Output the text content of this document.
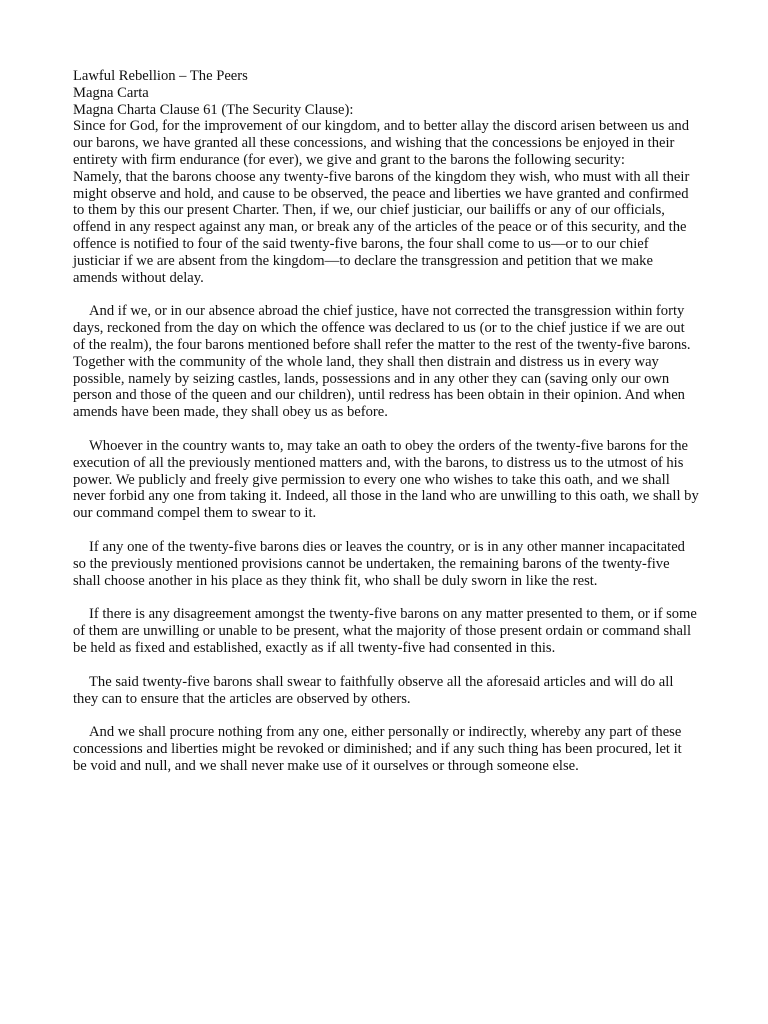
Lawful Rebellion – The Peers

Magna Carta

Magna Charta Clause 61 (The Security Clause):

Since for God, for the improvement of our kingdom, and to better allay the discord arisen between us and our barons, we have granted all these concessions, and wishing that the concessions be enjoyed in their entirety with firm endurance (for ever), we give and grant to the barons the following security:

Namely, that the barons choose any twenty-five barons of the kingdom they wish, who must with all their might observe and hold, and cause to be observed, the peace and liberties we have granted and confirmed to them by this our present Charter. Then, if we, our chief justiciar, our bailiffs or any of our officials, offend in any respect against any man, or break any of the articles of the peace or of this security, and the offence is notified to four of the said twenty-five barons, the four shall come to us—or to our chief justiciar if we are absent from the kingdom—to declare the transgression and petition that we make amends without delay.

And if we, or in our absence abroad the chief justice, have not corrected the transgression within forty days, reckoned from the day on which the offence was declared to us (or to the chief justice if we are out of the realm), the four barons mentioned before shall refer the matter to the rest of the twenty-five barons. Together with the community of the whole land, they shall then distrain and distress us in every way possible, namely by seizing castles, lands, possessions and in any other they can (saving only our own person and those of the queen and our children), until redress has been obtain in their opinion. And when amends have been made, they shall obey us as before.

Whoever in the country wants to, may take an oath to obey the orders of the twenty-five barons for the execution of all the previously mentioned matters and, with the barons, to distress us to the utmost of his power. We publicly and freely give permission to every one who wishes to take this oath, and we shall never forbid any one from taking it. Indeed, all those in the land who are unwilling to this oath, we shall by our command compel them to swear to it.

If any one of the twenty-five barons dies or leaves the country, or is in any other manner incapacitated so the previously mentioned provisions cannot be undertaken, the remaining barons of the twenty-five shall choose another in his place as they think fit, who shall be duly sworn in like the rest.

If there is any disagreement amongst the twenty-five barons on any matter presented to them, or if some of them are unwilling or unable to be present, what the majority of those present ordain or command shall be held as fixed and established, exactly as if all twenty-five had consented in this.

The said twenty-five barons shall swear to faithfully observe all the aforesaid articles and will do all they can to ensure that the articles are observed by others.

And we shall procure nothing from any one, either personally or indirectly, whereby any part of these concessions and liberties might be revoked or diminished; and if any such thing has been procured, let it be void and null, and we shall never make use of it ourselves or through someone else.
